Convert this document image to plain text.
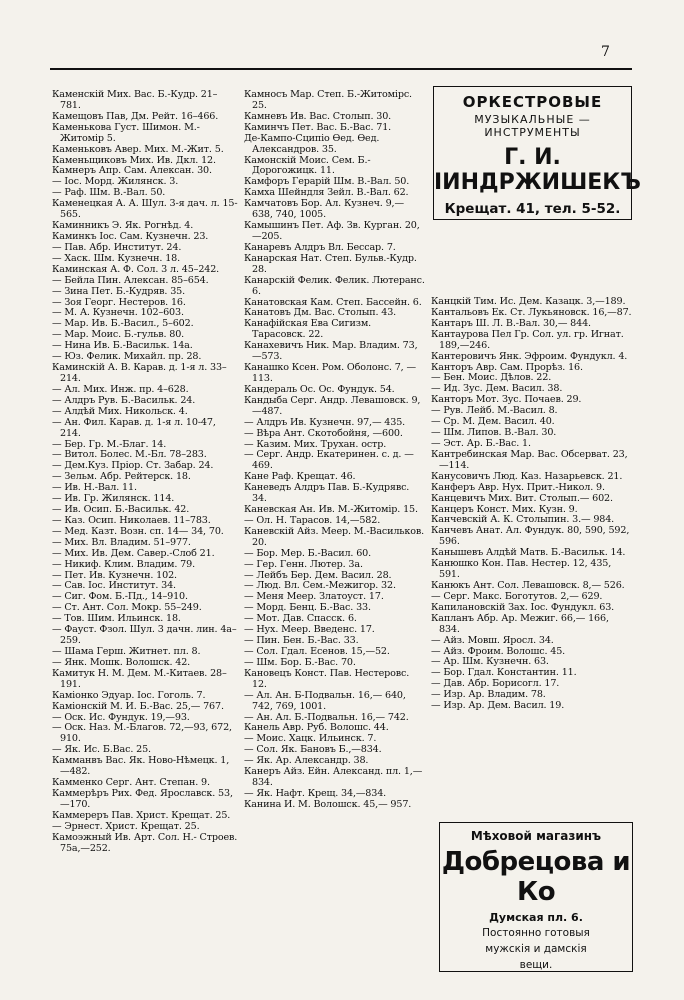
7

Каменскій Мих. Вас. Б.-Кудр. 21–781.

Камещoвъ Пав, Дм. Рейт. 16–466.

Каменькова Густ. Шимон. М.- Житомір 5.

Каменьковъ Авер. Мих. М.-Жит. 5.

Каменьщиковъ Мих. Ив. Дкл. 12.

Камнеръ Апр. Сам. Алексан. 30.

— Іос. Морд. Жилянск. 3.

— Раф. Шм. В.-Вал. 50.

Каменецкая А. А. Шул. 3-я дач. л. 15-565.

Каминникъ Э. Як. Рогнѣд. 4.

Каминкъ Іос. Сам. Кузнечн. 23.

— Пав. Абр. Институт. 24.

— Хаск. Шм. Кузнечн. 18.

Каминская А. Ф. Сол. 3 л. 45–242.

— Бейла Пин. Алексан. 85–654.

— Зина Пет. Б.-Кудряв. 35.

— Зоя Георг. Нестеров. 16.

— М. А. Кузнечн. 102–603.

— Мар. Ив. Б.-Васил., 5–602.

— Мар. Моис. Б.-гульв. 80.

— Нина Ив. Б.-Васильк. 14а.

— Юз. Фелик. Михайл. пр. 28.

Каминскій А. В. Карав. д. 1-я л. 33–214.

— Ал. Мих. Инж. пр. 4–628.

— Алдръ Рув. Б.-Васильк. 24.

— Алдѣй Мих. Никольск. 4.

— Ан. Фил. Карав. д. 1-я л. 10-47, 214.

— Бер. Гр. М.-Благ. 14.

— Витол. Болес. М.-Бл. 78–283.

— Дем.Куз. Пріор. Ст. Забар. 24.

— Зельм. Абр. Рейтерск. 18.

— Ив. Н.-Вал. 11.

— Ив. Гр. Жилянск. 114.

— Ив. Осип. Б.-Васильк. 42.

— Каз. Осип. Николаев. 11–783.

— Мед. Казт. Возн. сп. 14— 34, 70.

— Мих. Вл. Владим. 51–977.

— Мих. Ив. Дем. Савер.-Слоб 21.

— Никиф. Клим. Владим. 79.

— Пет. Ив. Кузнечн. 102.

— Сав. Іос. Институт. 34.

— Сиг. Фом. Б.-Пд., 14–910.

— Ст. Ант. Сол. Мокр. 55–249.

— Тов. Шим. Ильинск. 18.

— Фауст. Фзол. Шул. 3 дачн. лин. 4а–259.

— Шама Герш. Житнет. пл. 8.

— Янк. Мошк. Волошск. 42.

Камитук Н. М. Дем. М.-Китаев. 28–191.

Камiонко Эдуар. Іос. Гоголь. 7.

Камiонскій М. И. Б.-Вас. 25,— 767.

— Оск. Ис. Фундук. 19,—93.

— Оск. Наз. М.-Благов. 72,—93, 672, 910.

— Як. Ис. Б.Вас. 25.

Камманвъ Вас. Як. Ново-Нѣмецк. 1,—482.

Камменко Серг. Ант. Степан. 9.

Каммерѣръ Рих. Фед. Ярославск. 53,—170.

Каммереръ Пав. Христ. Крещат. 25.

— Эрнест. Христ. Крещат. 25.

Камоэжный Ив. Арт. Сол. Н.- Строев. 75а,—252.

Камносъ Мар. Степ. Б.-Житомірс. 25.

Камневъ Ив. Вас. Столып. 30.

Каминчъ Пет. Вас. Б.-Вас. 71.

Де-Кампо-Сципіо Ѳед. Ѳед. Александров. 35.

Камонскій Моис. Сем. Б.-Дорогожицк. 11.

Камфоръ Герарій Шм. В.-Вал. 50.

Камха Шейндля Зейл. В.-Вал. 62.

Камчатовъ Бор. Ал. Кузнеч. 9,— 638, 740, 1005.

Камышинъ Пет. Аф. Зв. Курган. 20,—205.

Канаревъ Алдръ Вл. Бессар. 7.

Канарская Нат. Степ. Бульв.-Кудр. 28.

Канарскій Фелик. Фелик. Лютеранс. 6.

Канатовская Кам. Степ. Бассейн. 6.

Канатовъ Дм. Вас. Столып. 43.

Канафійская Ева Сигизм. Тарасовск. 22.

Канахевичъ Ник. Мар. Владим. 73,—573.

Канашко Ксен. Ром. Оболонс. 7, —113.

Кандераль Ос. Ос. Фундук. 54.

Кандыба Серг. Андр. Левашовск. 9,—487.

— Алдръ Ив. Кузнечн. 97,— 435.

— Вѣра Ант. Скотобойня, —600.

— Казим. Мих. Трухан. остр.

— Серг. Андр. Екатеринен. с. д. —469.

Кане Раф. Крещат. 46.

Каневедъ Алдръ Пав. Б.-Кудрявс. 34.

Каневская Ан. Ив. М.-Житомір. 15.

— Ол. Н. Тарасов. 14,—582.

Каневскій Айз. Меер. М.-Васильков. 20.

— Бор. Мер. Б.-Васил. 60.

— Гер. Генн. Лютер. 3а.

— Лейбъ Бер. Дем. Васил. 28.

— Люд. Вл. Сем.-Межигор. 32.

— Меня Меер. Златоуст. 17.

— Морд. Бенц. Б.-Вас. 33.

— Мот. Дав. Спасск. 6.

— Нух. Меер. Введенс. 17.

— Пин. Бен. Б.-Вас. 33.

— Сол. Гдал. Есенов. 15,—52.

— Шм. Бор. Б.-Вас. 70.

Кановецъ Конст. Пав. Нестеровс. 12.

— Ал. Ан. Б-Подвальн. 16,— 640, 742, 769, 1001.

— Ан. Ал. Б.-Подвальн. 16,— 742.

Канель Авр. Руб. Волошс. 44.

— Моис. Хацк. Ильинск. 7.

— Сол. Як. Бановъ Б.,—834.

— Як. Ар. Александр. 38.

Канеръ Айз. Ейн. Александ. пл. 1,—834.

— Як. Нафт. Крещ. 34,—834.

Канина И. М. Волошск. 45,— 957.

Канцкій Тим. Ис. Дем. Казацк. 3,—189.

Кантальовъ Ек. Ст. Лукьяновск. 16,—87.

Кантаръ Ш. Л. В.-Вал. 30,— 844.

Кантаурова Пел Гр. Сол. ул. гр. Игнат. 189,—246.

Кантеровичъ Янк. Эфроим. Фундукл. 4.

Канторъ Авр. Сам. Прорѣз. 16.

— Бен. Моис. Дѣлов. 22.

— Ид. Зус. Дем. Васил. 38.

Канторъ Мот. Зус. Почаев. 29.

— Рув. Лейб. М.-Васил. 8.

— Ср. М. Дем. Васил. 40.

— Шм. Липов. В.-Вал. 30.

— Эст. Ар. Б.-Вас. 1.

Кантребинская Мар. Вас. Обсерват. 23,—114.

Канусовичъ Люд. Каз. Назарьевск. 21.

Канферъ Авр. Нух. Прит.-Никол. 9.

Канцевичъ Мих. Вит. Столып.— 602.

Канцеръ Конст. Мих. Кузн. 9.

Канчевскій А. К. Столыпин. 3.— 984.

Канчевъ Анат. Ал. Фундук. 80, 590, 592, 596.

Канышевъ Алдѣй Матв. Б.-Васильк. 14.

Канюшко Кон. Пав. Нестер. 12, 435, 591.

Канюкъ Ант. Сол. Левашовск. 8,— 526.

— Серг. Макс. Боготутов. 2,— 629.

Капилановскій Зах. Іос. Фундукл. 63.

Капланъ Абр. Ар. Межиг. 66,— 166, 834.

— Айз. Мовш. Яросл. 34.

— Айз. Фроим. Волошс. 45.

— Ар. Шм. Кузнечн. 63.

— Бор. Гдал. Константин. 11.

— Дав. Абр. Борисогл. 17.

— Изр. Ар. Владим. 78.

— Изр. Ар. Дем. Васил. 19.

ОРКЕСТРОВЫЕ

МУЗЫКАЛЬНЫЕ — ИНСТРУМЕНТЫ

Г. И. ІИНДРЖИШЕКЪ

Крещат. 41, тел. 5-52.

Мѣховой магазинъ

Добрецова и Ко

Думская пл. 6.

Постоянно готовыя

мужскія и дамскія

вещи.
